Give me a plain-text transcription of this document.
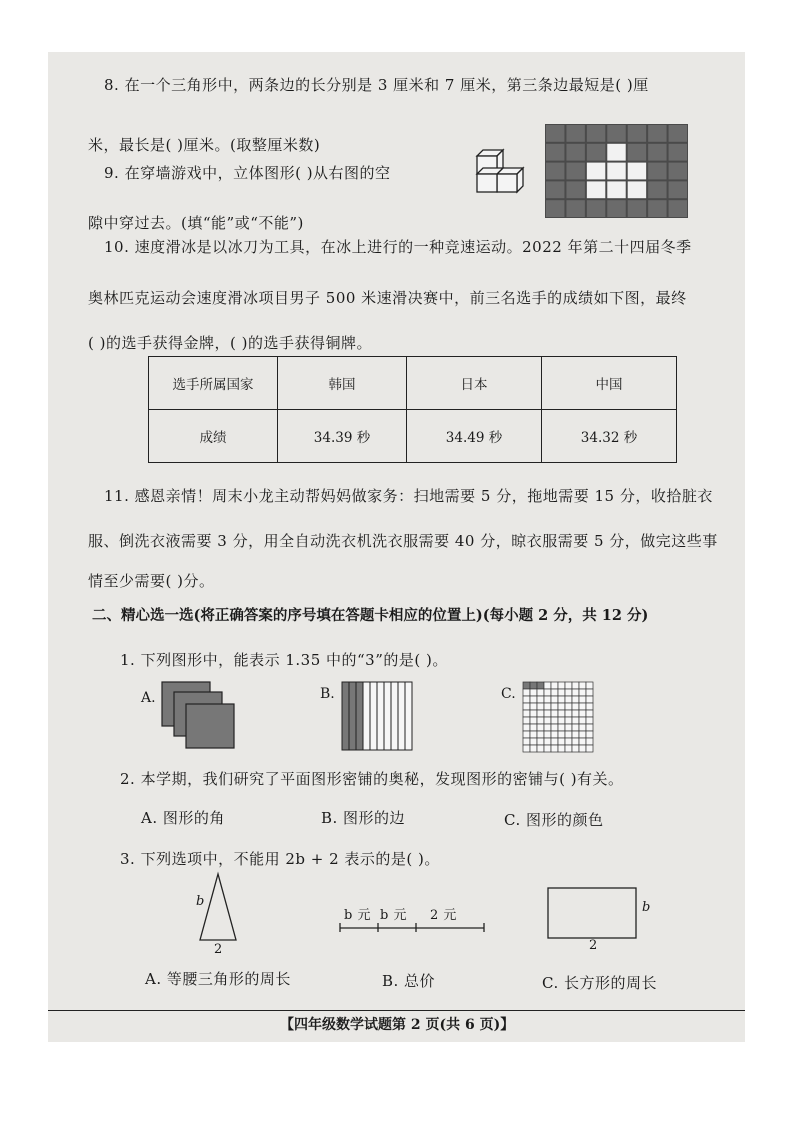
8. 在一个三角形中，两条边的长分别是 3 厘米和 7 厘米，第三条边最短是( )厘
米，最长是( )厘米。(取整厘米数)
9. 在穿墙游戏中，立体图形( )从右图的空
隙中穿过去。(填“能”或“不能”)
10. 速度滑冰是以冰刀为工具，在冰上进行的一种竞速运动。2022 年第二十四届冬季
奥林匹克运动会速度滑冰项目男子 500 米速滑决赛中，前三名选手的成绩如下图，最终
( )的选手获得金牌，( )的选手获得铜牌。
选手所属国家	韩国	日本	中国
成绩	34.39 秒	34.49 秒	34.32 秒
11. 感恩亲情！周末小龙主动帮妈妈做家务：扫地需要 5 分，拖地需要 15 分，收拾脏衣
服、倒洗衣液需要 3 分，用全自动洗衣机洗衣服需要 40 分，晾衣服需要 5 分，做完这些事
情至少需要( )分。
二、精心选一选(将正确答案的序号填在答题卡相应的位置上)(每小题 2 分，共 12 分)
1. 下列图形中，能表示 1.35 中的“3”的是( )。
A.	B.	C.
2. 本学期，我们研究了平面图形密铺的奥秘，发现图形的密铺与( )有关。
A. 图形的角	B. 图形的边	C. 图形的颜色
3. 下列选项中，不能用 2b + 2 表示的是( )。
b
2
b 元 b 元 2 元
b
2
A. 等腰三角形的周长	B. 总价	C. 长方形的周长
【四年级数学试题第 2 页(共 6 页)】
